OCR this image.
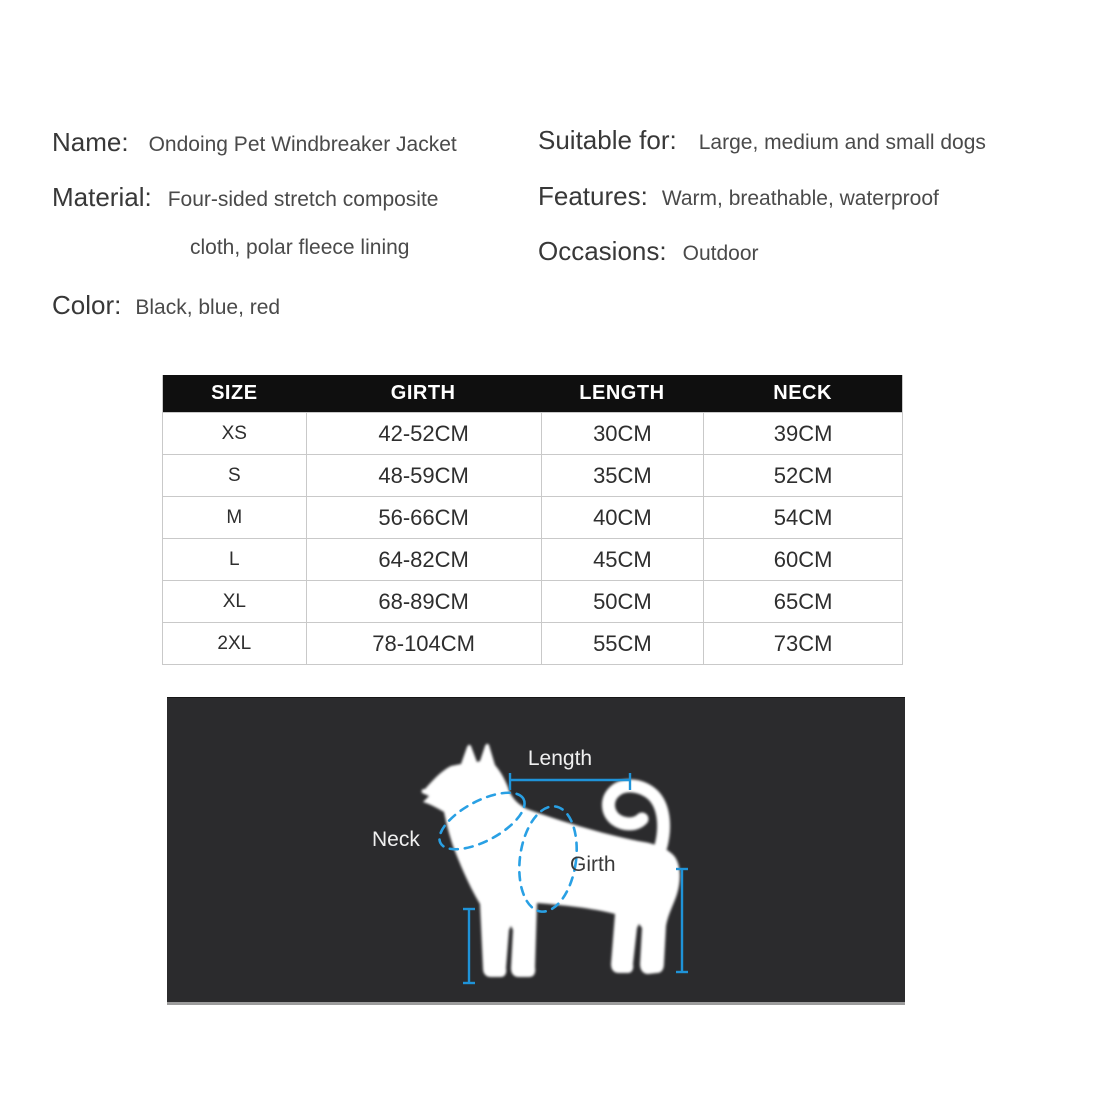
Name: Ondoing Pet Windbreaker Jacket
Material: Four-sided stretch composite
cloth, polar fleece lining
Color: Black, blue, red
Suitable for: Large, medium and small dogs
Features: Warm, breathable, waterproof
Occasions: Outdoor
SIZE	GIRTH	LENGTH	NECK
XS	42-52CM	30CM	39CM
S	48-59CM	35CM	52CM
M	56-66CM	40CM	54CM
L	64-82CM	45CM	60CM
XL	68-89CM	50CM	65CM
2XL	78-104CM	55CM	73CM
Length
Neck
Girth
